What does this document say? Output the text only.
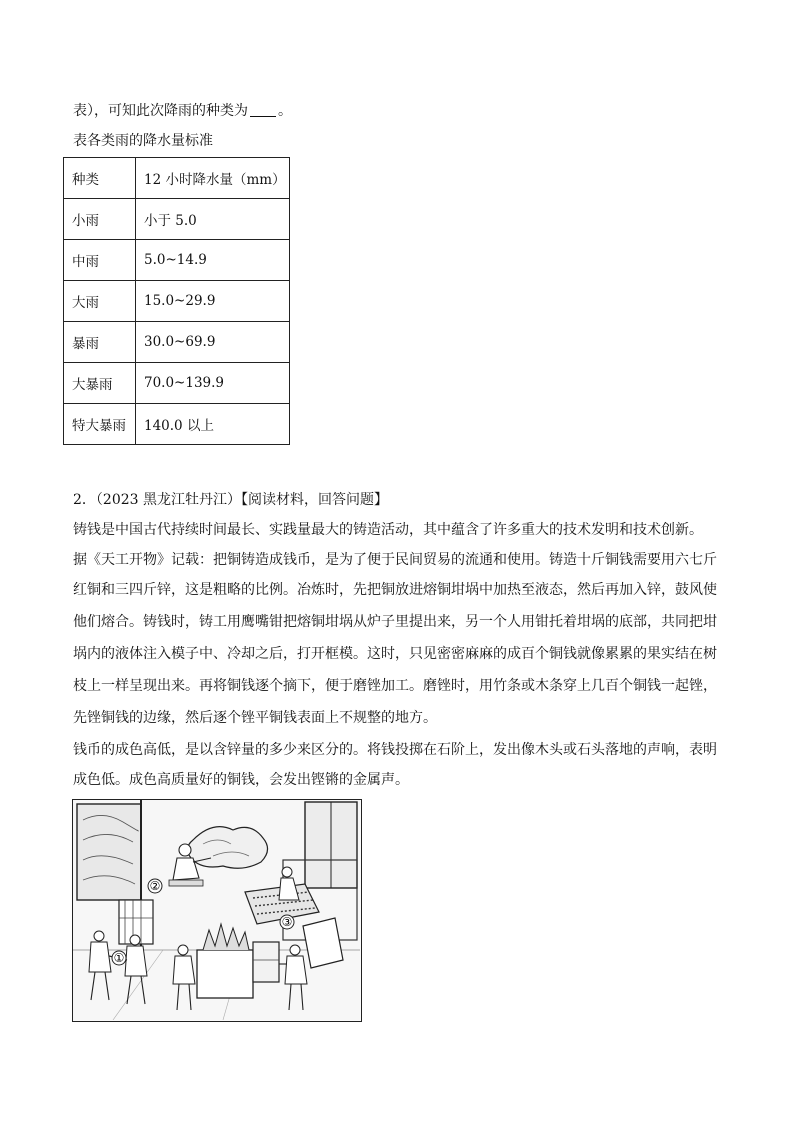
表），可知此次降雨的种类为 。
表各类雨的降水量标准
种类	12 小时降水量（mm）
小雨	小于 5.0
中雨	5.0~14.9
大雨	15.0~29.9
暴雨	30.0~69.9
大暴雨	70.0~139.9
特大暴雨	140.0 以上
2．（2023 黑龙江牡丹江）【阅读材料，回答问题】
铸钱是中国古代持续时间最长、实践量最大的铸造活动，其中蕴含了许多重大的技术发明和技术创新。
据《天工开物》记载：把铜铸造成钱币，是为了便于民间贸易的流通和使用。铸造十斤铜钱需要用六七斤
红铜和三四斤锌，这是粗略的比例。冶炼时，先把铜放进熔铜坩埚中加热至液态，然后再加入锌，鼓风使
他们熔合。铸钱时，铸工用鹰嘴钳把熔铜坩埚从炉子里提出来，另一个人用钳托着坩埚的底部，共同把坩
埚内的液体注入模子中、冷却之后，打开框模。这时，只见密密麻麻的成百个铜钱就像累累的果实结在树
枝上一样呈现出来。再将铜钱逐个摘下，便于磨锉加工。磨锉时，用竹条或木条穿上几百个铜钱一起锉，
先锉铜钱的边缘，然后逐个锉平铜钱表面上不规整的地方。
钱币的成色高低，是以含锌量的多少来区分的。将钱投掷在石阶上，发出像木头或石头落地的声响，表明
成色低。成色高质量好的铜钱，会发出铿锵的金属声。
②
③
①
